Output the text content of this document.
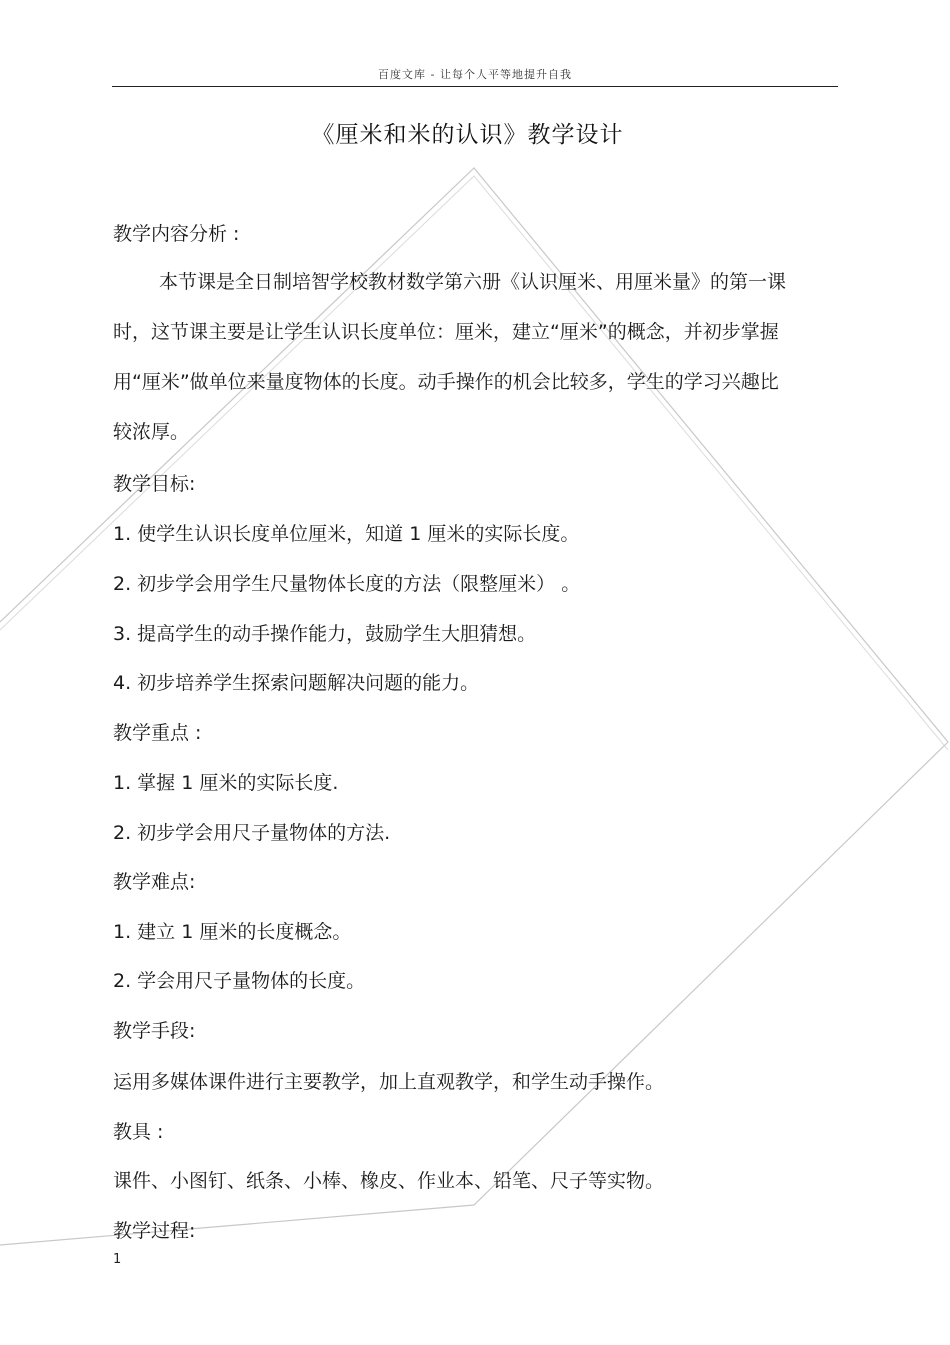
百度文库 - 让每个人平等地提升自我
《厘米和米的认识》教学设计
教学内容分析 :
本节课是全日制培智学校教材数学第六册《认识厘米、用厘米量》的第一课时，这节课主要是让学生认识长度单位：厘米，建立“厘米”的概念，并初步掌握用“厘米”做单位来量度物体的长度。动手操作的机会比较多，学生的学习兴趣比较浓厚。
教学目标:
1. 使学生认识长度单位厘米，知道 1 厘米的实际长度。
2. 初步学会用学生尺量物体长度的方法（限整厘米） 。
3. 提高学生的动手操作能力，鼓励学生大胆猜想。
4. 初步培养学生探索问题解决问题的能力。
教学重点 :
1. 掌握 1 厘米的实际长度.
2. 初步学会用尺子量物体的方法.
教学难点:
1. 建立 1 厘米的长度概念。
2. 学会用尺子量物体的长度。
教学手段:
运用多媒体课件进行主要教学，加上直观教学，和学生动手操作。
教具 :
课件、小图钉、纸条、小棒、橡皮、作业本、铅笔、尺子等实物。
教学过程:
1
